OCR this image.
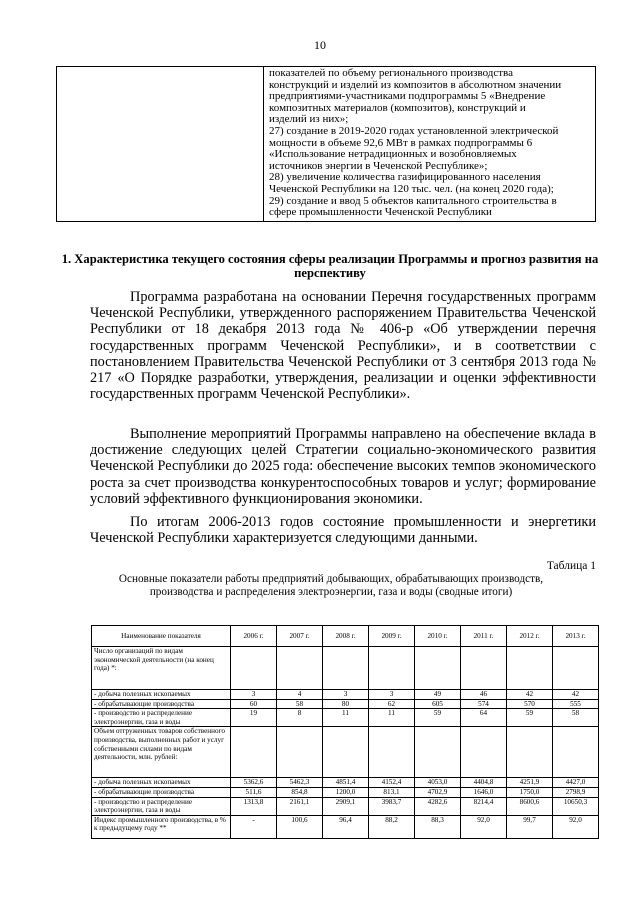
10

показателей по объему регионального производства
конструкций и изделий из композитов в абсолютном значении
предприятиями-участниками подпрограммы 5 «Внедрение
композитных материалов (композитов), конструкций и
изделий из них»;
27) создание в 2019-2020 годах установленной электрической
мощности в объеме 92,6 МВт в рамках подпрограммы 6
«Использование нетрадиционных и возобновляемых
источников энергии в Чеченской Республике»;
28) увеличение количества газифицированного населения
Чеченской Республики на 120 тыс. чел. (на конец 2020 года);
29) создание и ввод 5 объектов капитального строительства в
сфере промышленности Чеченской Республики
1. Характеристика текущего состояния сферы реализации Программы и прогноз развития на перспективу

Программа разработана на основании Перечня государственных программ Чеченской Республики, утвержденного распоряжением Правительства Чеченской Республики от 18 декабря 2013 года № 406-р «Об утверждении перечня государственных программ Чеченской Республики», и в соответствии с постановлением Правительства Чеченской Республики от 3 сентября 2013 года № 217 «О Порядке разработки, утверждения, реализации и оценки эффективности государственных программ Чеченской Республики».

Выполнение мероприятий Программы направлено на обеспечение вклада в достижение следующих целей Стратегии социально-экономического развития Чеченской Республики до 2025 года: обеспечение высоких темпов экономического роста за счет производства конкурентоспособных товаров и услуг; формирование условий эффективного функционирования экономики.

По итогам 2006-2013 годов состояние промышленности и энергетики Чеченской Республики характеризуется следующими данными.

Таблица 1

Основные показатели работы предприятий добывающих, обрабатывающих производств, производства и распределения электроэнергии, газа и воды (сводные итоги)

Наименование показателя	2006 г.	2007 г.	2008 г.	2009 г.	2010 г.	2011 г.	2012 г.	2013 г.
Число организаций по видам экономической деятельности (на конец года) *:								
- добыча полезных ископаемых	3	4	3	3	49	46	42	42
- обрабатывающие производства	60	58	80	62	605	574	570	555
- производство и распределение электроэнергии, газа и воды	19	8	11	11	59	64	59	58
Объем отгруженных товаров собственного производства, выполненных работ и услуг собственными силами по видам деятельности, млн. рублей:								
- добыча полезных ископаемых	5362,6	5462,3	4851,4	4152,4	4053,0	4404,8	4251,9	4427,0
- обрабатывающие производства	511,6	854,8	1200,0	813,1	4702,9	1646,0	1750,0	2798,9
- производство и распределение электроэнергии, газа и воды	1313,8	2161,1	2909,1	3983,7	4282,6	8214,4	8600,6	10650,3
Индекс промышленного производства, в % к предыдущему году **	-	100,6	96,4	88,2	88,3	92,0	99,7	92,0
